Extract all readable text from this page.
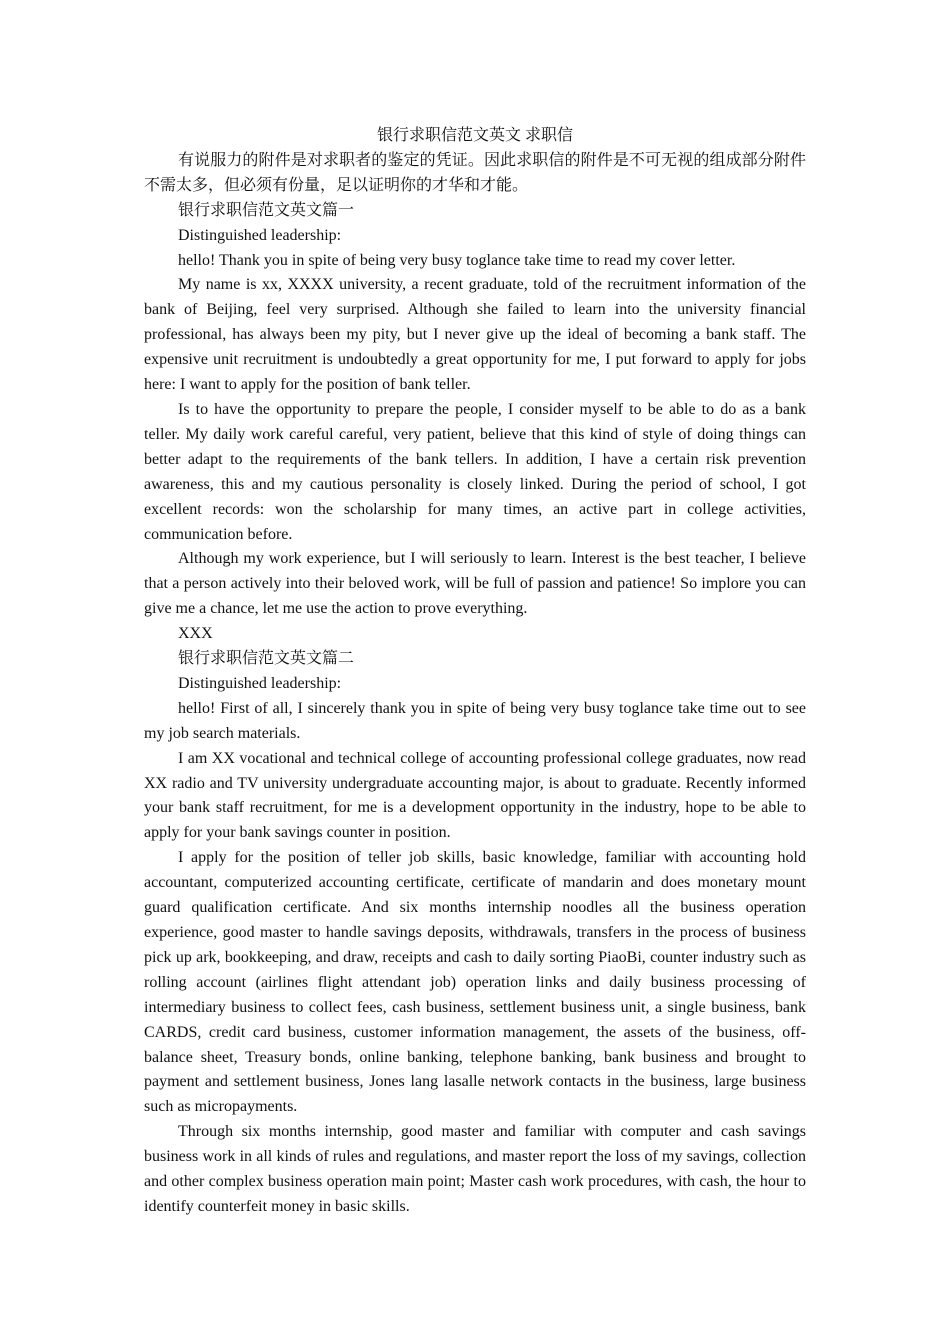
银行求职信范文英文 求职信

有说服力的附件是对求职者的鉴定的凭证。因此求职信的附件是不可无视的组成部分附件不需太多，但必须有份量，足以证明你的才华和才能。

银行求职信范文英文篇一

Distinguished leadership:

hello! Thank you in spite of being very busy toglance take time to read my cover letter.

My name is xx, XXXX university, a recent graduate, told of the recruitment information of the bank of Beijing, feel very surprised. Although she failed to learn into the university financial professional, has always been my pity, but I never give up the ideal of becoming a bank staff. The expensive unit recruitment is undoubtedly a great opportunity for me, I put forward to apply for jobs here: I want to apply for the position of bank teller.

Is to have the opportunity to prepare the people, I consider myself to be able to do as a bank teller. My daily work careful careful, very patient, believe that this kind of style of doing things can better adapt to the requirements of the bank tellers. In addition, I have a certain risk prevention awareness, this and my cautious personality is closely linked. During the period of school, I got excellent records: won the scholarship for many times, an active part in college activities, communication before.

Although my work experience, but I will seriously to learn. Interest is the best teacher, I believe that a person actively into their beloved work, will be full of passion and patience! So implore you can give me a chance, let me use the action to prove everything.

XXX

银行求职信范文英文篇二

Distinguished leadership:

hello! First of all, I sincerely thank you in spite of being very busy toglance take time out to see my job search materials.

I am XX vocational and technical college of accounting professional college graduates, now read XX radio and TV university undergraduate accounting major, is about to graduate. Recently informed your bank staff recruitment, for me is a development opportunity in the industry, hope to be able to apply for your bank savings counter in position.

I apply for the position of teller job skills, basic knowledge, familiar with accounting hold accountant, computerized accounting certificate, certificate of mandarin and does monetary mount guard qualification certificate. And six months internship noodles all the business operation experience, good master to handle savings deposits, withdrawals, transfers in the process of business pick up ark, bookkeeping, and draw, receipts and cash to daily sorting PiaoBi, counter industry such as rolling account (airlines flight attendant job) operation links and daily business processing of intermediary business to collect fees, cash business, settlement business unit, a single business, bank CARDS, credit card business, customer information management, the assets of the business, off-balance sheet, Treasury bonds, online banking, telephone banking, bank business and brought to payment and settlement business, Jones lang lasalle network contacts in the business, large business such as micropayments.

Through six months internship, good master and familiar with computer and cash savings business work in all kinds of rules and regulations, and master report the loss of my savings, collection and other complex business operation main point; Master cash work procedures, with cash, the hour to identify counterfeit money in basic skills.
